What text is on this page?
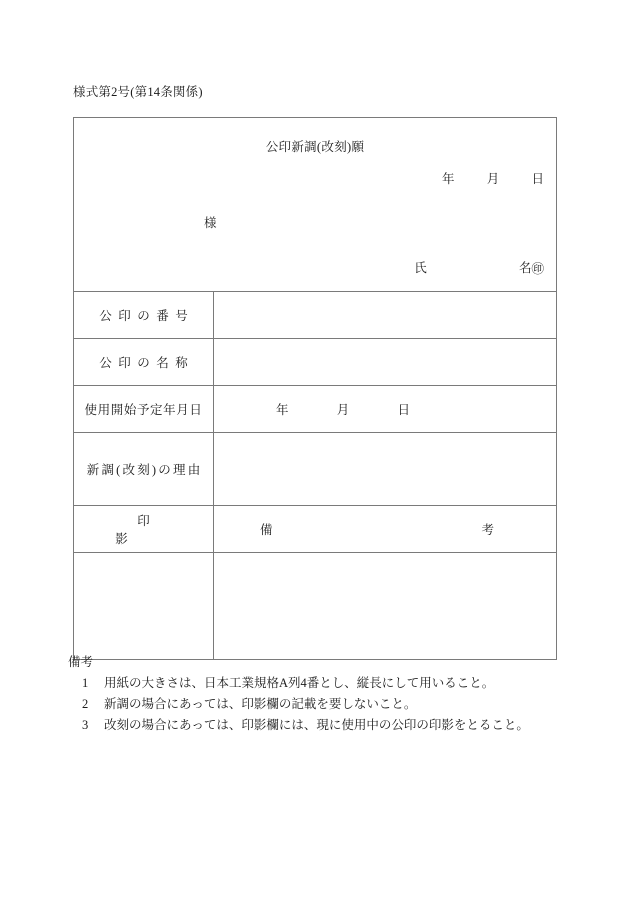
様式第2号(第14条関係)
公印新調(改刻)願
年 月 日
様
氏 名㊞	

公印の番号	
公印の名称	
使用開始予定年月日	年 月 日

新調(改刻)の理由	
印影	備 考

備考
1	用紙の大きさは、日本工業規格A列4番とし、縦長にして用いること。
2	新調の場合にあっては、印影欄の記載を要しないこと。
3	改刻の場合にあっては、印影欄には、現に使用中の公印の印影をとること。
